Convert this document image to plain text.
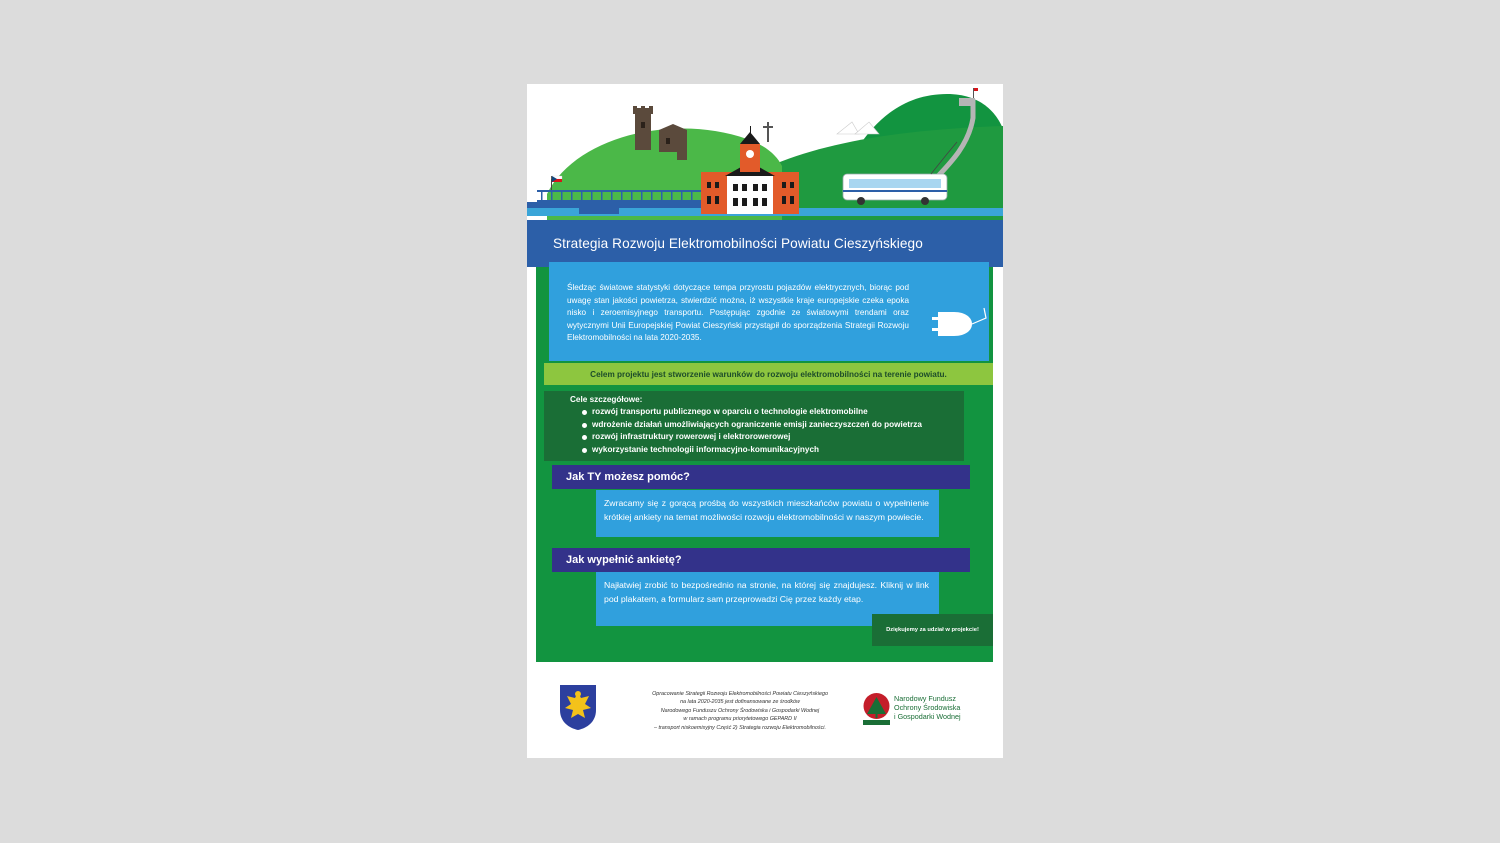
Strategia Rozwoju Elektromobilności Powiatu Cieszyńskiego
Śledząc światowe statystyki dotyczące tempa przyrostu pojazdów elektrycznych, biorąc pod uwagę stan jakości powietrza, stwierdzić można, iż wszystkie kraje europejskie czeka epoka nisko i zeroemisyjnego transportu. Postępując zgodnie ze światowymi trendami oraz wytycznymi Unii Europejskiej Powiat Cieszyński przystąpił do sporządzenia Strategii Rozwoju Elektromobilności na lata 2020-2035.
Celem projektu jest stworzenie warunków do rozwoju elektromobilności na terenie powiatu.
Cele szczegółowe:
rozwój transportu publicznego w oparciu o technologie elektromobilne
wdrożenie działań umożliwiających ograniczenie emisji zanieczyszczeń do powietrza
rozwój infrastruktury rowerowej i elektrorowerowej
wykorzystanie technologii informacyjno-komunikacyjnych
Jak TY możesz pomóc?
Zwracamy się z gorącą prośbą do wszystkich mieszkańców powiatu o wypełnienie krótkiej ankiety na temat możliwości rozwoju elektromobilności w naszym powiecie.
Jak wypełnić ankietę?
Najłatwiej zrobić to bezpośrednio na stronie, na której się znajdujesz. Kliknij w link pod plakatem, a formularz sam przeprowadzi Cię przez każdy etap.
Dziękujemy za udział w projekcie!
Opracowanie Strategii Rozwoju Elektromobilności Powiatu Cieszyńskiego
na lata 2020-2035 jest dofinansowane ze środków
Narodowego Funduszu Ochrony Środowiska i Gospodarki Wodnej
w ramach programu priorytetowego GEPARD II
– transport niskoemisyjny Część 2) Strategia rozwoju Elektromobilności.
Narodowy Fundusz
Ochrony Środowiska
i Gospodarki Wodnej
